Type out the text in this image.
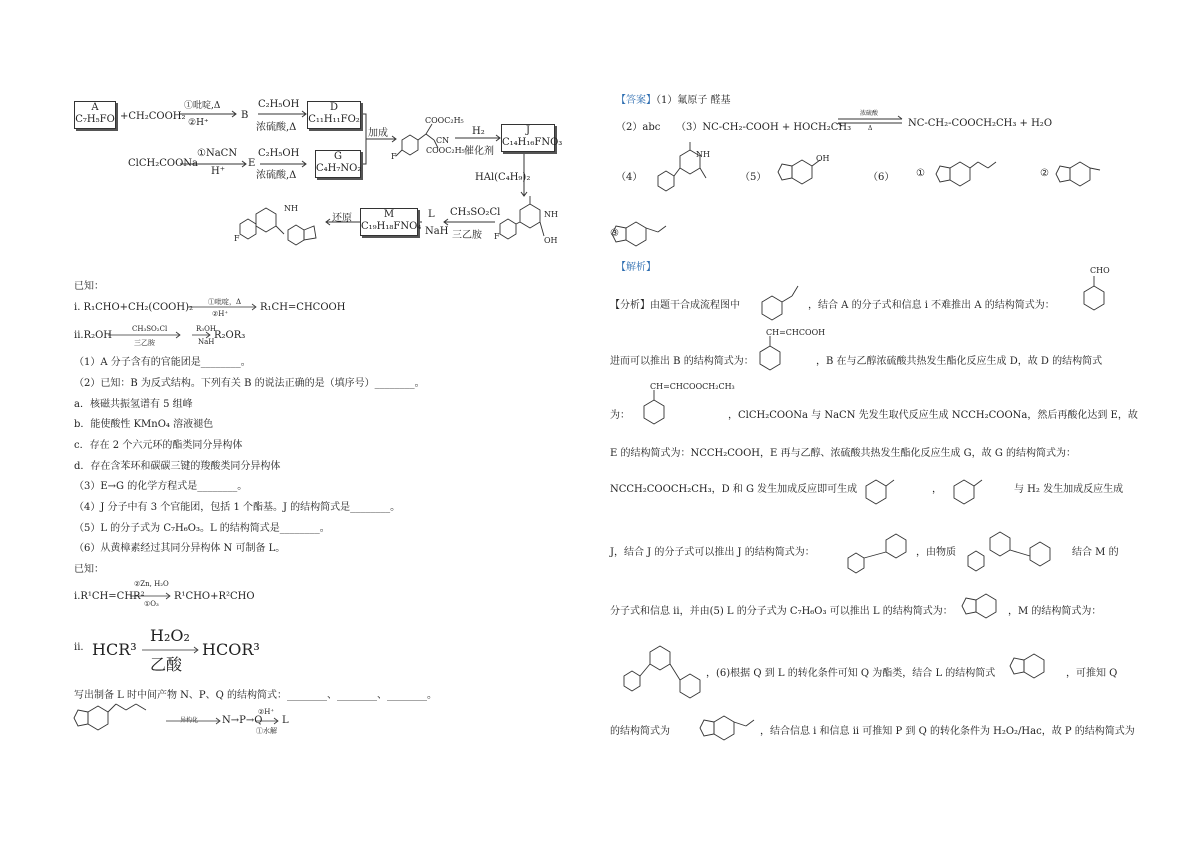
A
C₇H₅FO +CH₂COOH₂
①吡啶,Δ
②H⁺
B
C₂H₅OH
浓硫酸,Δ
D
C₁₁H₁₁FO₂
加成
ClCH₂COONa
①NaCN
H⁺
E
C₂H₅OH
浓硫酸,Δ
G
C₄H₇NO₂
COOC₂H₅
CN
COOC₂H₅
F
H₂
催化剂
J
C₁₄H₁₆FNO₃
HAl(C₄H₉)₂
NH
OH
F
CH₃SO₂Cl
三乙胺
L
NaH
M
C₁₉H₁₈FNO₄
还原
NH
F
已知：
i. R₁CHO+CH₂(COOH)₂ ①吡啶，Δ
②H⁺
R₁CH=CHCOOH
ii.R₂OH
CH₃SO₂Cl
三乙胺
R₃OH
NaH
R₂OR₃
（1）A 分子含有的官能团是________。
（2）已知：B 为反式结构。下列有关 B 的说法正确的是（填序号）________。
a．核磁共振氢谱有 5 组峰
b．能使酸性 KMnO₄ 溶液褪色
c．存在 2 个六元环的酯类同分异构体
d．存在含苯环和碳碳三键的羧酸类同分异构体
（3）E→G 的化学方程式是________。
（4）J 分子中有 3 个官能团，包括 1 个酯基。J 的结构简式是________。
（5）L 的分子式为 C₇H₆O₃。L 的结构简式是________。
（6）从黄樟素经过其同分异构体 N 可制备 L。
已知：
i.R¹CH=CHR²
②Zn, H₂O
①O₃
R¹CHO+R²CHO
ii. HCR³
H₂O₂
乙酸
HCOR³
写出制备 L 时中间产物 N、P、Q 的结构简式：________、________、________。
异构化 N→P→Q
②H⁺
①水解
L
【答案】（1）氟原子 醛基
（2）abc （3）NC-CH₂-COOH + HOCH₂CH₃
浓硫酸
Δ	NC-CH₂-COOCH₂CH₃ + H₂O
（4）
NH
（5）
OH
（6） ①	②
③
【解析】
【分析】由题干合成流程图中	，结合 A 的分子式和信息 i 不难推出 A 的结构简式为：
CHO
进而可以推出 B 的结构简式为：
CH=CHCOOH
，B 在与乙醇浓硫酸共热发生酯化反应生成 D，故 D 的结构简式
CH=CHCOOCH₂CH₃
为：	，ClCH₂COONa 与 NaCN 先发生取代反应生成 NCCH₂COONa，然后再酸化达到 E，故
E 的结构简式为：NCCH₂COOH，E 再与乙醇、浓硫酸共热发生酯化反应生成 G，故 G 的结构简式为：
NCCH₂COOCH₂CH₃，D 和 G 发生加成反应即可生成	，	与 H₂ 发生加成反应生成
J，结合 J 的分子式可以推出 J 的结构简式为：	，由物质	结合 M 的
分子式和信息 ii，并由(5) L 的分子式为 C₇H₆O₃ 可以推出 L 的结构简式为：	，M 的结构简式为：
，(6)根据 Q 到 L 的转化条件可知 Q 为酯类，结合 L 的结构简式	，可推知 Q
的结构简式为	，结合信息 i 和信息 ii 可推知 P 到 Q 的转化条件为 H₂O₂/Hac，故 P 的结构简式为
